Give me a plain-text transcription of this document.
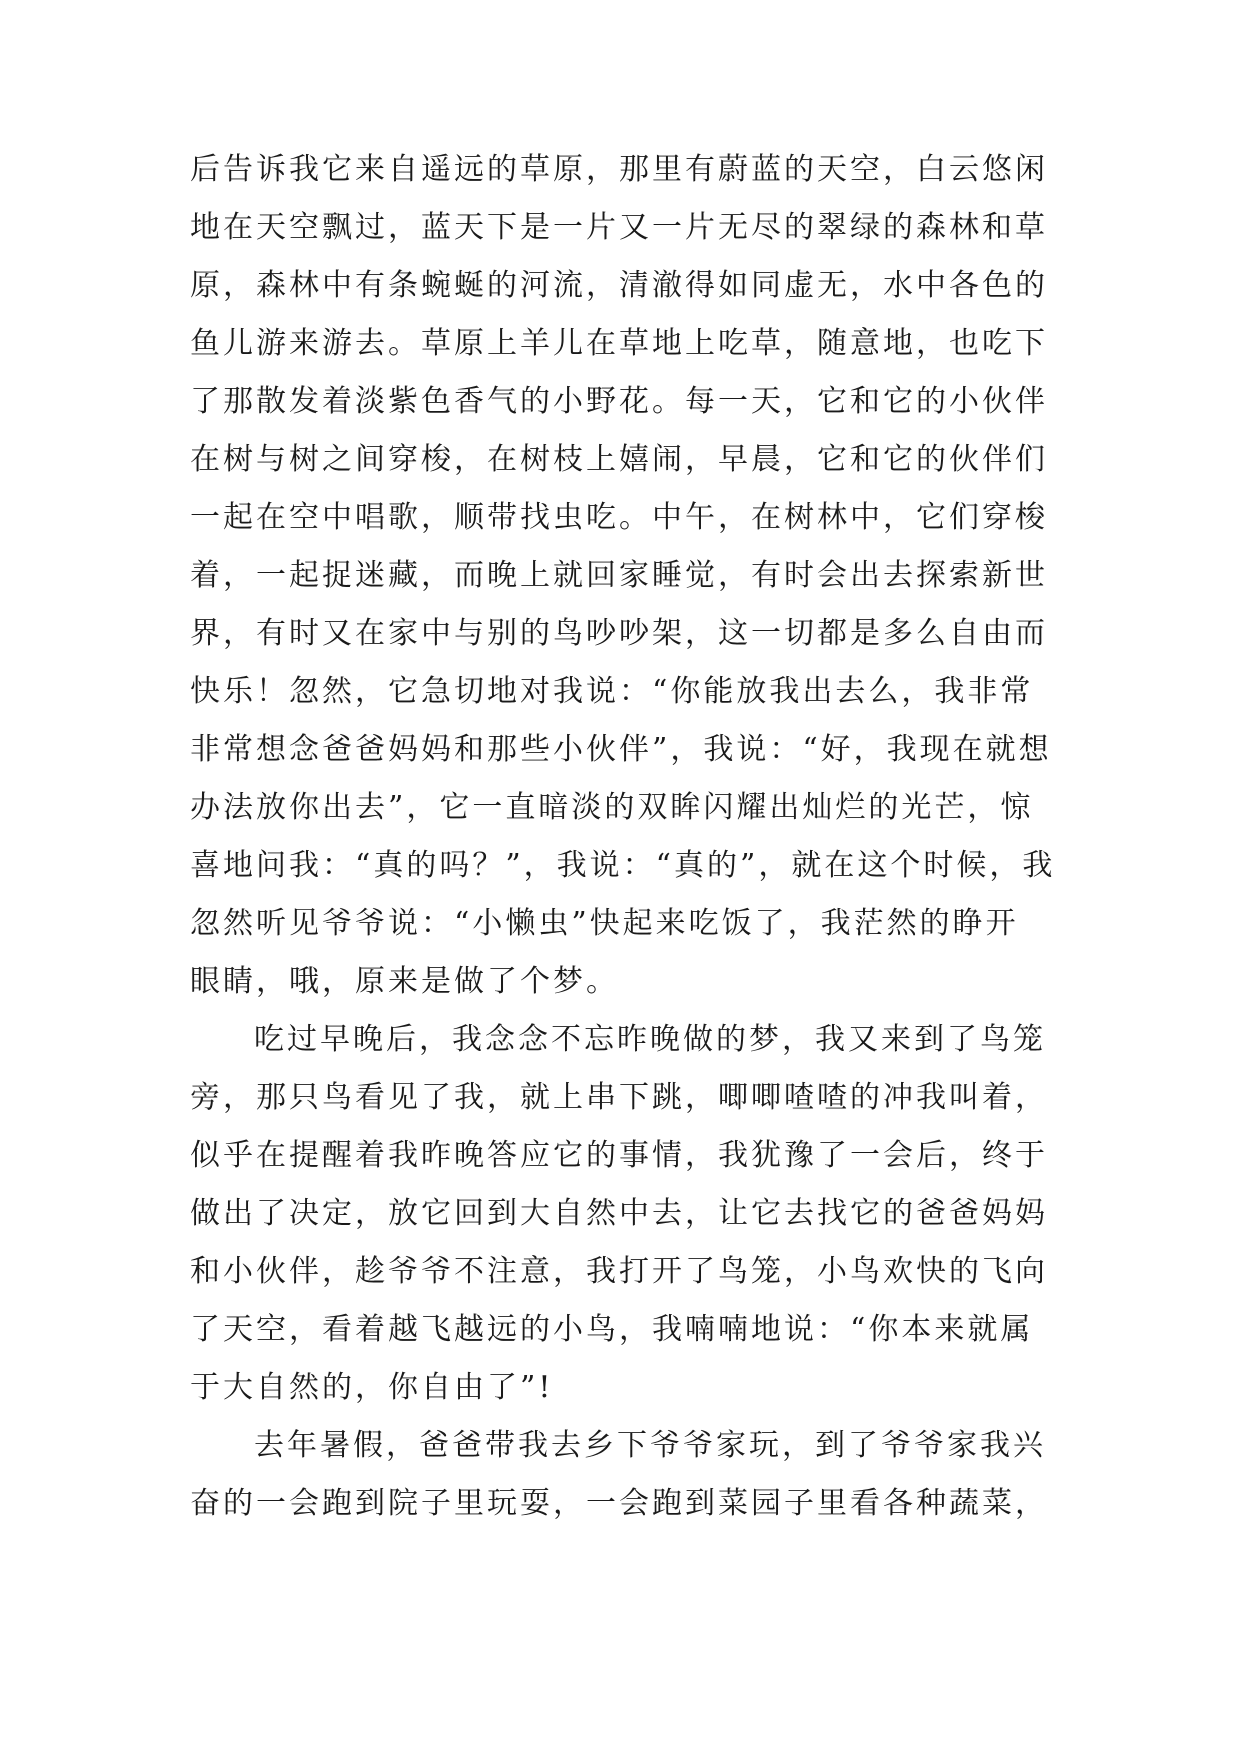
后告诉我它来自遥远的草原，那里有蔚蓝的天空，白云悠闲
地在天空飘过，蓝天下是一片又一片无尽的翠绿的森林和草
原，森林中有条蜿蜒的河流，清澈得如同虚无，水中各色的
鱼儿游来游去。草原上羊儿在草地上吃草，随意地，也吃下
了那散发着淡紫色香气的小野花。每一天，它和它的小伙伴
在树与树之间穿梭，在树枝上嬉闹，早晨，它和它的伙伴们
一起在空中唱歌，顺带找虫吃。中午，在树林中，它们穿梭
着，一起捉迷藏，而晚上就回家睡觉，有时会出去探索新世
界，有时又在家中与别的鸟吵吵架，这一切都是多么自由而
快乐！忽然，它急切地对我说：“你能放我出去么，我非常
非常想念爸爸妈妈和那些小伙伴”，我说：“好，我现在就想
办法放你出去”，它一直暗淡的双眸闪耀出灿烂的光芒，惊
喜地问我：“真的吗？”，我说：“真的”，就在这个时候，我
忽然听见爷爷说：“小懒虫”快起来吃饭了，我茫然的睁开
眼睛，哦，原来是做了个梦。
吃过早晚后，我念念不忘昨晚做的梦，我又来到了鸟笼
旁，那只鸟看见了我，就上串下跳，唧唧喳喳的冲我叫着，
似乎在提醒着我昨晚答应它的事情，我犹豫了一会后，终于
做出了决定，放它回到大自然中去，让它去找它的爸爸妈妈
和小伙伴，趁爷爷不注意，我打开了鸟笼，小鸟欢快的飞向
了天空，看着越飞越远的小鸟，我喃喃地说：“你本来就属
于大自然的，你自由了”!
去年暑假，爸爸带我去乡下爷爷家玩，到了爷爷家我兴
奋的一会跑到院子里玩耍，一会跑到菜园子里看各种蔬菜，
